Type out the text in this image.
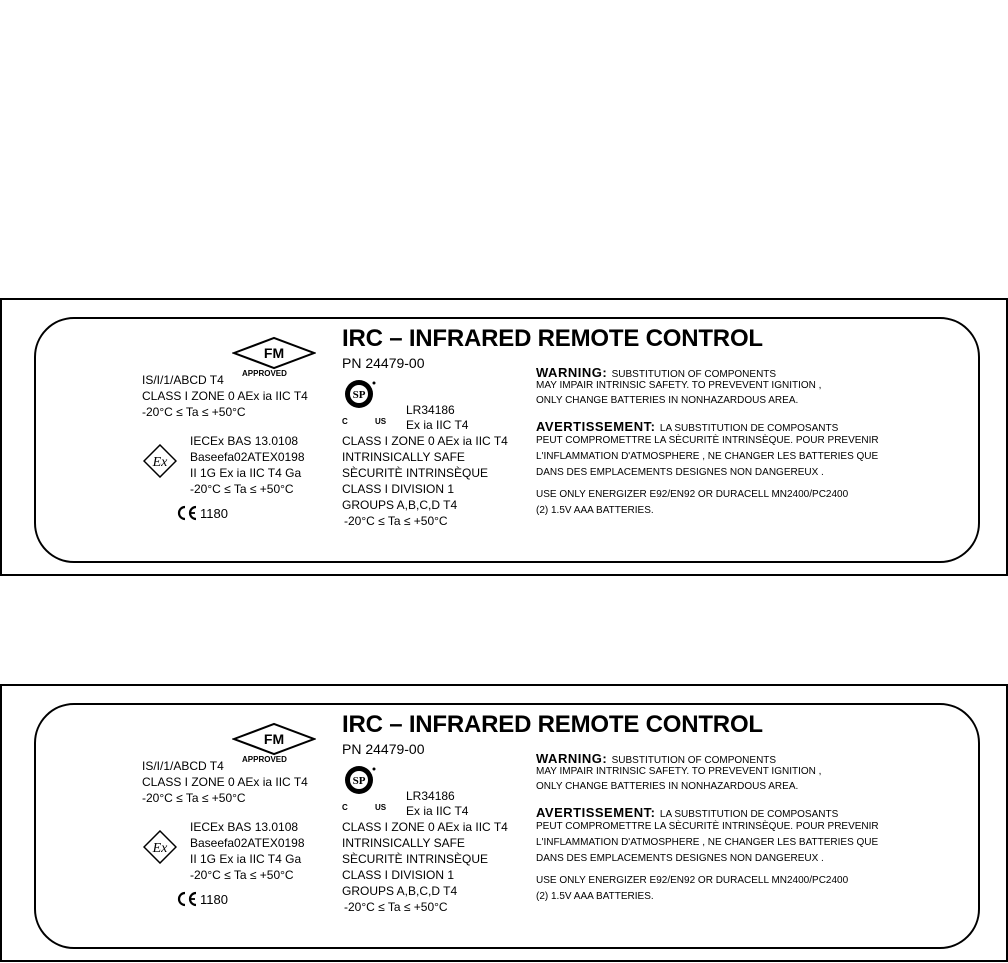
IRC – INFRARED REMOTE CONTROL
PN 24479-00
FM
APPROVED
IS/I/1/ABCD T4
CLASS I ZONE 0 AEx ia IIC T4
-20°C ≤ Ta ≤ +50°C
Ex
IECEx BAS 13.0108
Baseefa02ATEX0198
II 1G Ex ia IIC T4 Ga
-20°C ≤ Ta ≤ +50°C
1180
SP
C	US
LR34186
Ex ia IIC T4
CLASS I ZONE 0 AEx ia IIC T4
INTRINSICALLY SAFE
SÈCURITÈ INTRINSÈQUE
CLASS I DIVISION 1
GROUPS A,B,C,D T4
-20°C ≤ Ta ≤ +50°C
WARNING: SUBSTITUTION OF COMPONENTS
MAY IMPAIR INTRINSIC SAFETY. TO PREVEVENT IGNITION ,
ONLY CHANGE BATTERIES IN NONHAZARDOUS AREA.
AVERTISSEMENT: LA SUBSTITUTION DE COMPOSANTS
PEUT COMPROMETTRE LA SÈCURITÈ INTRINSÈQUE. POUR PREVENIR
L'INFLAMMATION D'ATMOSPHERE , NE CHANGER LES BATTERIES QUE
DANS DES EMPLACEMENTS DESIGNES NON DANGEREUX .
USE ONLY ENERGIZER E92/EN92 OR DURACELL MN2400/PC2400
(2) 1.5V AAA BATTERIES.
IRC – INFRARED REMOTE CONTROL
PN 24479-00
FM
APPROVED
IS/I/1/ABCD T4
CLASS I ZONE 0 AEx ia IIC T4
-20°C ≤ Ta ≤ +50°C
Ex
IECEx BAS 13.0108
Baseefa02ATEX0198
II 1G Ex ia IIC T4 Ga
-20°C ≤ Ta ≤ +50°C
1180
SP
C	US
LR34186
Ex ia IIC T4
CLASS I ZONE 0 AEx ia IIC T4
INTRINSICALLY SAFE
SÈCURITÈ INTRINSÈQUE
CLASS I DIVISION 1
GROUPS A,B,C,D T4
-20°C ≤ Ta ≤ +50°C
WARNING: SUBSTITUTION OF COMPONENTS
MAY IMPAIR INTRINSIC SAFETY. TO PREVEVENT IGNITION ,
ONLY CHANGE BATTERIES IN NONHAZARDOUS AREA.
AVERTISSEMENT: LA SUBSTITUTION DE COMPOSANTS
PEUT COMPROMETTRE LA SÈCURITÈ INTRINSÈQUE. POUR PREVENIR
L'INFLAMMATION D'ATMOSPHERE , NE CHANGER LES BATTERIES QUE
DANS DES EMPLACEMENTS DESIGNES NON DANGEREUX .
USE ONLY ENERGIZER E92/EN92 OR DURACELL MN2400/PC2400
(2) 1.5V AAA BATTERIES.
